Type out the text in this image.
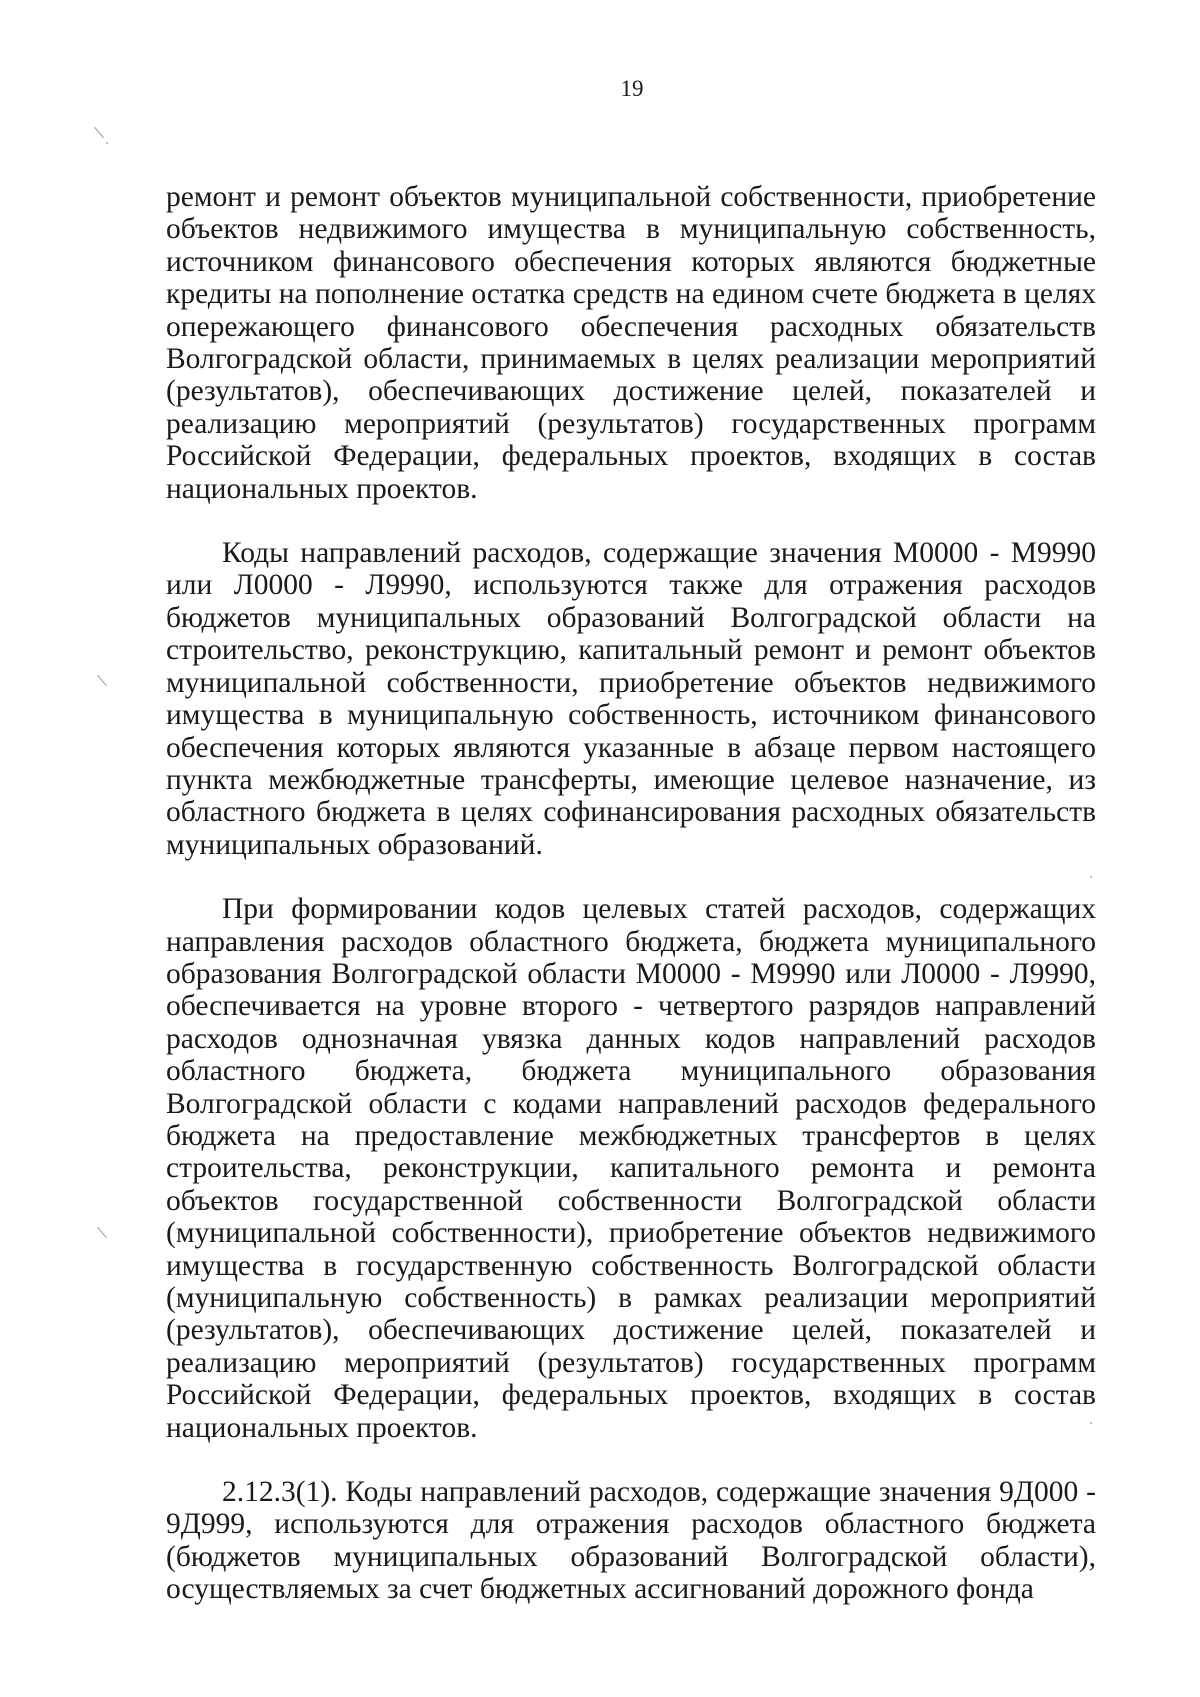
19

ремонт и ремонт объектов муниципальной собственности, приобретение объектов недвижимого имущества в муниципальную собственность, источником финансового обеспечения которых являются бюджетные кредиты на пополнение остатка средств на едином счете бюджета в целях опережающего финансового обеспечения расходных обязательств Волгоградской области, принимаемых в целях реализации мероприятий (результатов), обеспечивающих достижение целей, показателей и реализацию мероприятий (результатов) государственных программ Российской Федерации, федеральных проектов, входящих в состав национальных проектов.

Коды направлений расходов, содержащие значения М0000 - М9990 или Л0000 - Л9990, используются также для отражения расходов бюджетов муниципальных образований Волгоградской области на строительство, реконструкцию, капитальный ремонт и ремонт объектов муниципальной собственности, приобретение объектов недвижимого имущества в муниципальную собственность, источником финансового обеспечения которых являются указанные в абзаце первом настоящего пункта межбюджетные трансферты, имеющие целевое назначение, из областного бюджета в целях софинансирования расходных обязательств муниципальных образований.

При формировании кодов целевых статей расходов, содержащих направления расходов областного бюджета, бюджета муниципального образования Волгоградской области М0000 - М9990 или Л0000 - Л9990, обеспечивается на уровне второго - четвертого разрядов направлений расходов однозначная увязка данных кодов направлений расходов областного бюджета, бюджета муниципального образования Волгоградской области с кодами направлений расходов федерального бюджета на предоставление межбюджетных трансфертов в целях строительства, реконструкции, капитального ремонта и ремонта объектов государственной собственности Волгоградской области (муниципальной собственности), приобретение объектов недвижимого имущества в государственную собственность Волгоградской области (муниципальную собственность) в рамках реализации мероприятий (результатов), обеспечивающих достижение целей, показателей и реализацию мероприятий (результатов) государственных программ Российской Федерации, федеральных проектов, входящих в состав национальных проектов.

2.12.3(1). Коды направлений расходов, содержащие значения 9Д000 - 9Д999, используются для отражения расходов областного бюджета (бюджетов муниципальных образований Волгоградской области), осуществляемых за счет бюджетных ассигнований дорожного фонда
